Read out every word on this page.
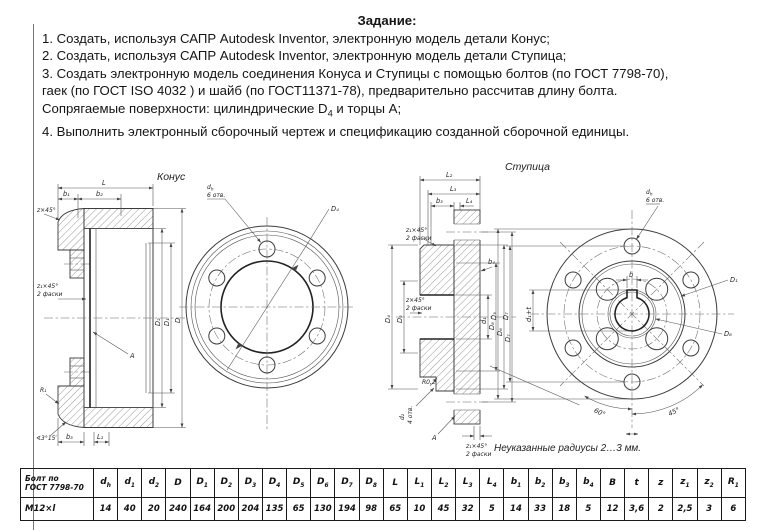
Задание:
1. Создать, используя САПР Autodesk Inventor, электронную модель детали Конус;
2. Создать, используя САПР Autodesk Inventor, электронную модель детали Ступица;
3. Создать электронную модель соединения Конуса и Ступицы с помощью болтов (по ГОСТ 7798-70),
гаек (по ГОСТ ISO 4032 ) и шайб (по ГОСТ11371-78), предварительно рассчитав длину болта.
Сопрягаемые поверхности: цилиндрические $D_4$ и торцы А;
4. Выполнить электронный сборочный чертеж и спецификацию созданной сборочной единицы.
Конус
Ступица
Неуказанные радиусы 2…3 мм.
L
b₁	b₂
b₃	L₁
D₂ D₁ D
z×45°
z₁×45°
2 фаски
R₁
∢3°15′
A
D₄
$d_h$
6 отв.
L₂
L₃
b₃	L₄
b₄
D₄ D₅
z₁×45°
2 фаски
z×45°
2 фаски
d₁
D₈
D₆
D₇
d₂ 4 отв.
R0,2
A
z₁×45°
2 фаски
D₃ D₇ d₁+t
b
$d_h$
6 отв.
D₁
D₈
60°	45°
Болт по
ГОСТ 7798-70	$d_h$	$d_1$	$d_2$	D	$D_1$	$D_2$	$D_3$	$D_4$	$D_5$	$D_6$	$D_7$	$D_8$	L	$L_1$	$L_2$	$L_3$	$L_4$	$b_1$	$b_2$	$b_3$	$b_4$	B	t	z	$z_1$	$z_2$	$R_1$
M12×l	14	40	20	240	164	200	204	135	65	130	194	98	65	10	45	32	5	14	33	18	5	12	3,6	2	2,5	3	6
